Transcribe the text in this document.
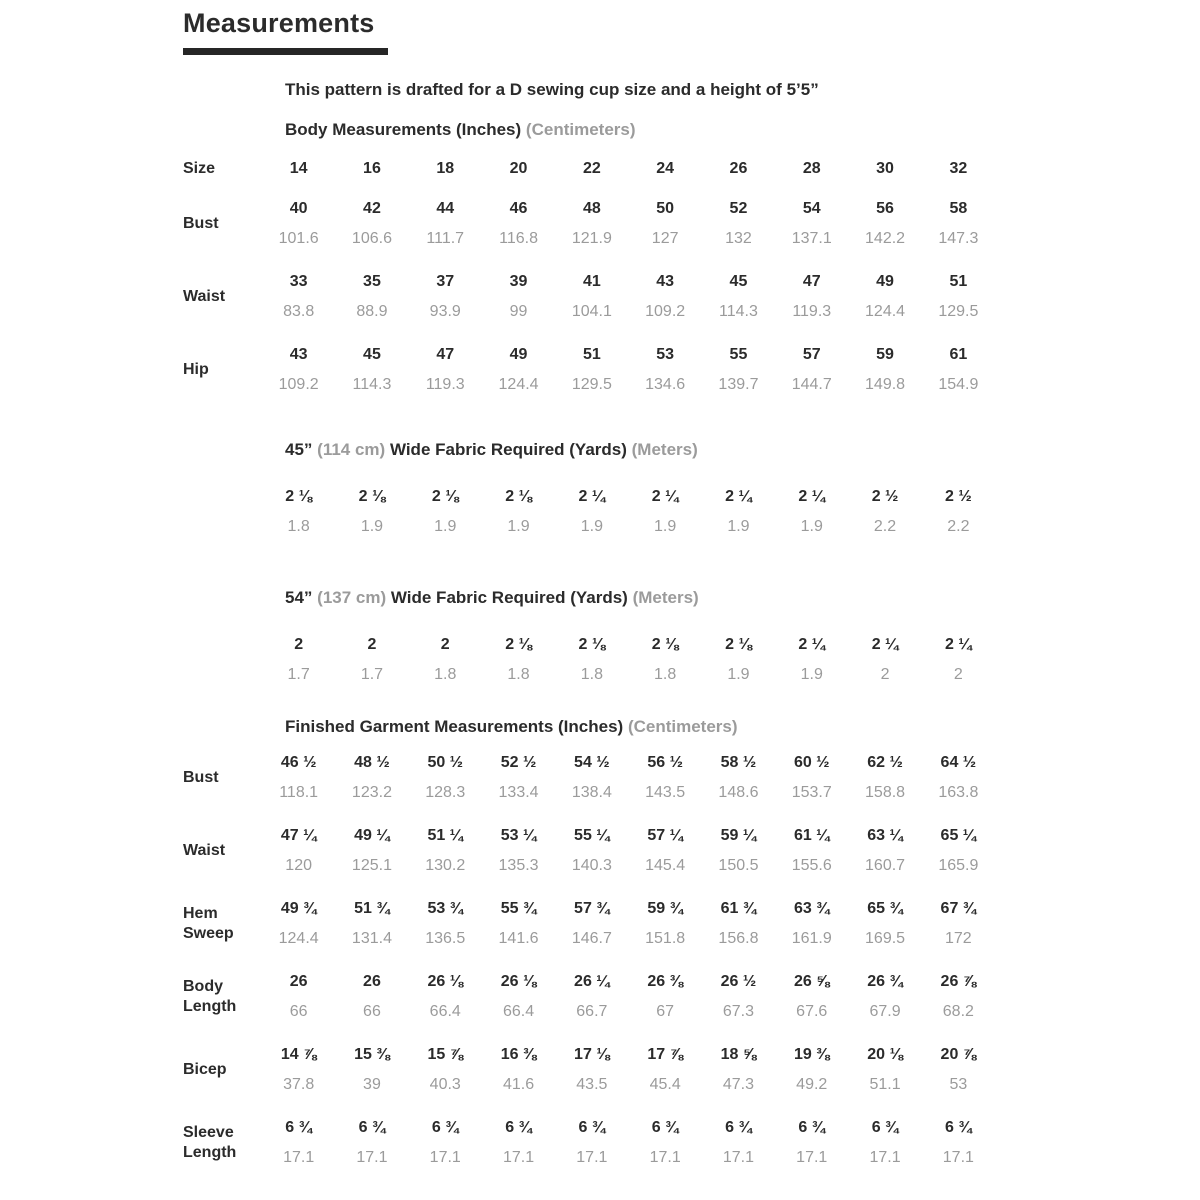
Measurements
This pattern is drafted for a D sewing cup size and a height of 5’5”
Body Measurements (Inches) (Centimeters)
Size	14	16	18	20	22	24	26	28	30	32
Bust
40	42	44	46	48	50	52	54	56	58
101.6	106.6	111.7	116.8	121.9	127	132	137.1	142.2	147.3
Waist
33	35	37	39	41	43	45	47	49	51
83.8	88.9	93.9	99	104.1	109.2	114.3	119.3	124.4	129.5
Hip
43	45	47	49	51	53	55	57	59	61
109.2	114.3	119.3	124.4	129.5	134.6	139.7	144.7	149.8	154.9
45” (114 cm) Wide Fabric Required (Yards) (Meters)
2 ⅛	2 ⅛	2 ⅛	2 ⅛	2 ¼	2 ¼	2 ¼	2 ¼	2 ½	2 ½
1.8	1.9	1.9	1.9	1.9	1.9	1.9	1.9	2.2	2.2
54” (137 cm) Wide Fabric Required (Yards) (Meters)
2	2	2	2 ⅛	2 ⅛	2 ⅛	2 ⅛	2 ¼	2 ¼	2 ¼
1.7	1.7	1.8	1.8	1.8	1.8	1.9	1.9	2	2
Finished Garment Measurements (Inches) (Centimeters)
Bust
46 ½	48 ½	50 ½	52 ½	54 ½	56 ½	58 ½	60 ½	62 ½	64 ½
118.1	123.2	128.3	133.4	138.4	143.5	148.6	153.7	158.8	163.8
Waist
47 ¼	49 ¼	51 ¼	53 ¼	55 ¼	57 ¼	59 ¼	61 ¼	63 ¼	65 ¼
120	125.1	130.2	135.3	140.3	145.4	150.5	155.6	160.7	165.9
Hem Sweep
49 ¾	51 ¾	53 ¾	55 ¾	57 ¾	59 ¾	61 ¾	63 ¾	65 ¾	67 ¾
124.4	131.4	136.5	141.6	146.7	151.8	156.8	161.9	169.5	172
Body Length
26	26	26 ⅛	26 ⅛	26 ¼	26 ⅜	26 ½	26 ⅝	26 ¾	26 ⅞
66	66	66.4	66.4	66.7	67	67.3	67.6	67.9	68.2
Bicep
14 ⅞	15 ⅜	15 ⅞	16 ⅜	17 ⅛	17 ⅞	18 ⅝	19 ⅜	20 ⅛	20 ⅞
37.8	39	40.3	41.6	43.5	45.4	47.3	49.2	51.1	53
Sleeve Length
6 ¾	6 ¾	6 ¾	6 ¾	6 ¾	6 ¾	6 ¾	6 ¾	6 ¾	6 ¾
17.1	17.1	17.1	17.1	17.1	17.1	17.1	17.1	17.1	17.1
